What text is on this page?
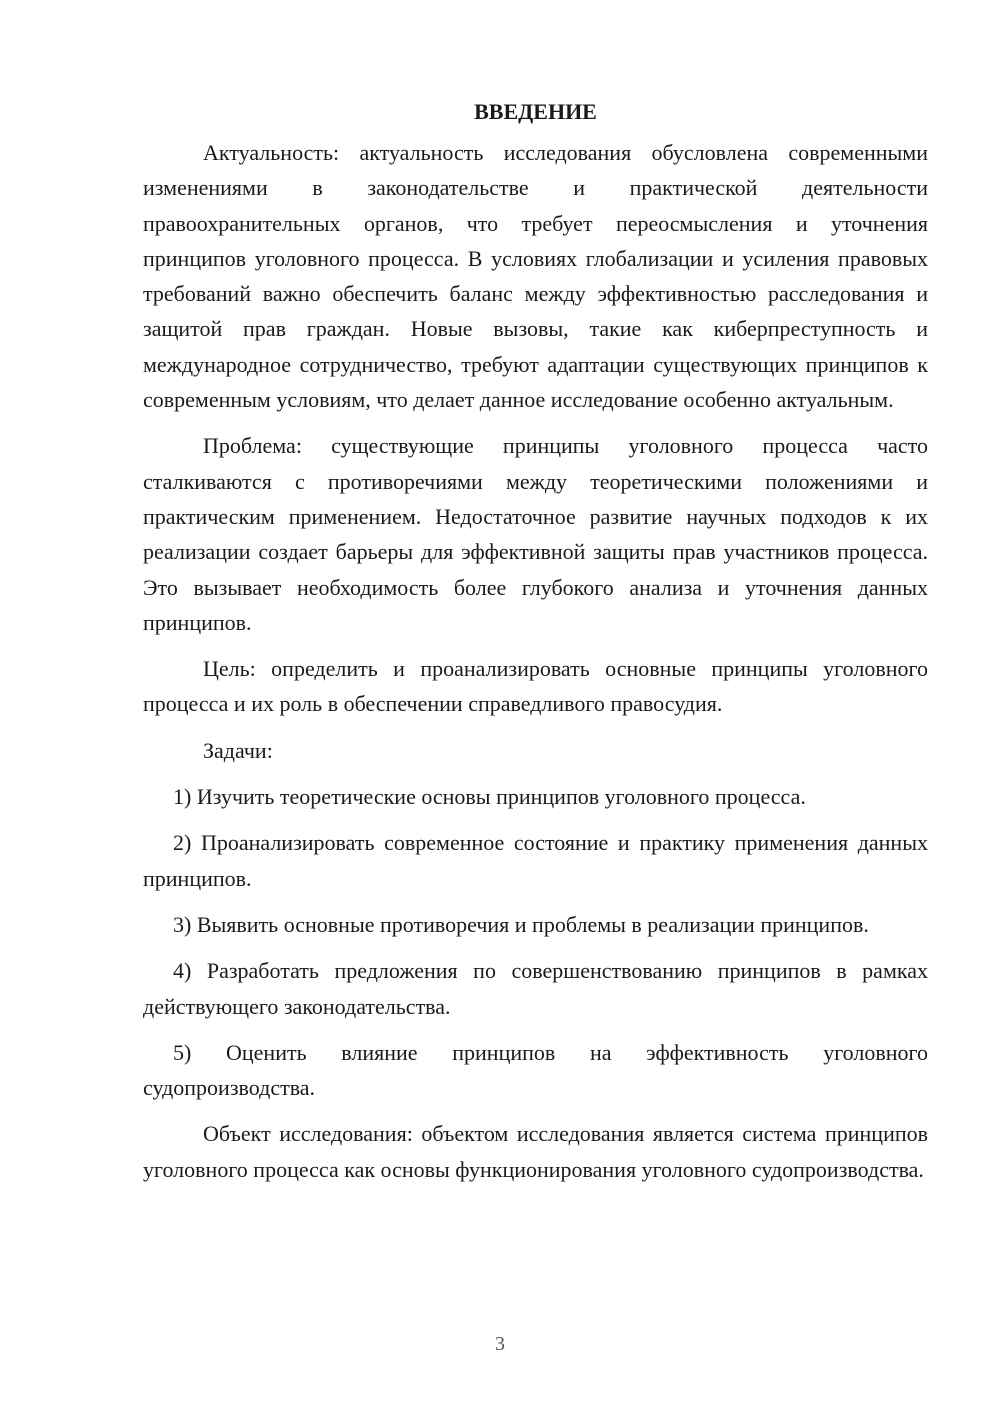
ВВЕДЕНИЕ

Актуальность: актуальность исследования обусловлена современными изменениями в законодательстве и практической деятельности правоохранительных органов, что требует переосмысления и уточнения принципов уголовного процесса. В условиях глобализации и усиления правовых требований важно обеспечить баланс между эффективностью расследования и защитой прав граждан. Новые вызовы, такие как киберпреступность и международное сотрудничество, требуют адаптации существующих принципов к современным условиям, что делает данное исследование особенно актуальным.

Проблема: существующие принципы уголовного процесса часто сталкиваются с противоречиями между теоретическими положениями и практическим применением. Недостаточное развитие научных подходов к их реализации создает барьеры для эффективной защиты прав участников процесса. Это вызывает необходимость более глубокого анализа и уточнения данных принципов.

Цель: определить и проанализировать основные принципы уголовного процесса и их роль в обеспечении справедливого правосудия.

Задачи:

1) Изучить теоретические основы принципов уголовного процесса.

2) Проанализировать современное состояние и практику применения данных принципов.

3) Выявить основные противоречия и проблемы в реализации принципов.

4) Разработать предложения по совершенствованию принципов в рамках действующего законодательства.

5) Оценить влияние принципов на эффективность уголовного судопроизводства.

Объект исследования: объектом исследования является система принципов уголовного процесса как основы функционирования уголовного судопроизводства.

3
